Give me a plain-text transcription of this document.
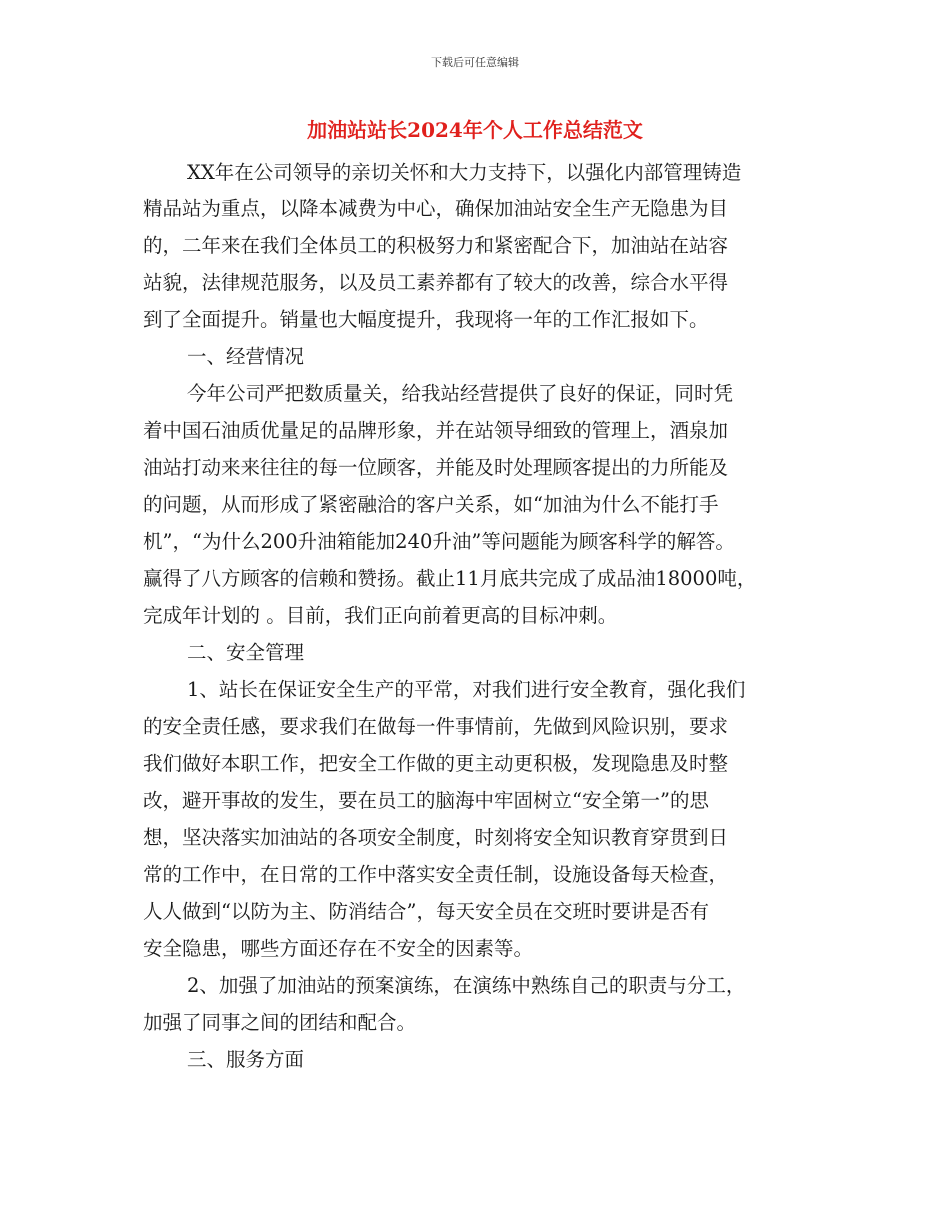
下载后可任意编辑
加油站站长2024年个人工作总结范文
XX年在公司领导的亲切关怀和大力支持下，以强化内部管理铸造
精品站为重点，以降本减费为中心，确保加油站安全生产无隐患为目
的，二年来在我们全体员工的积极努力和紧密配合下，加油站在站容
站貌，法律规范服务，以及员工素养都有了较大的改善，综合水平得
到了全面提升。销量也大幅度提升，我现将一年的工作汇报如下。
一、经营情况
今年公司严把数质量关，给我站经营提供了良好的保证，同时凭
着中国石油质优量足的品牌形象，并在站领导细致的管理上，酒泉加
油站打动来来往往的每一位顾客，并能及时处理顾客提出的力所能及
的问题，从而形成了紧密融洽的客户关系，如“加油为什么不能打手
机”，“为什么200升油箱能加240升油”等问题能为顾客科学的解答。
赢得了八方顾客的信赖和赞扬。截止11月底共完成了成品油18000吨，
完成年计划的 。目前，我们正向前着更高的目标冲刺。
二、安全管理
1、站长在保证安全生产的平常，对我们进行安全教育，强化我们
的安全责任感，要求我们在做每一件事情前，先做到风险识别，要求
我们做好本职工作，把安全工作做的更主动更积极，发现隐患及时整
改，避开事故的发生，要在员工的脑海中牢固树立“安全第一”的思
想，坚决落实加油站的各项安全制度，时刻将安全知识教育穿贯到日
常的工作中，在日常的工作中落实安全责任制，设施设备每天检查，
人人做到“以防为主、防消结合”，每天安全员在交班时要讲是否有
安全隐患，哪些方面还存在不安全的因素等。
2、加强了加油站的预案演练，在演练中熟练自己的职责与分工，
加强了同事之间的团结和配合。
三、服务方面
